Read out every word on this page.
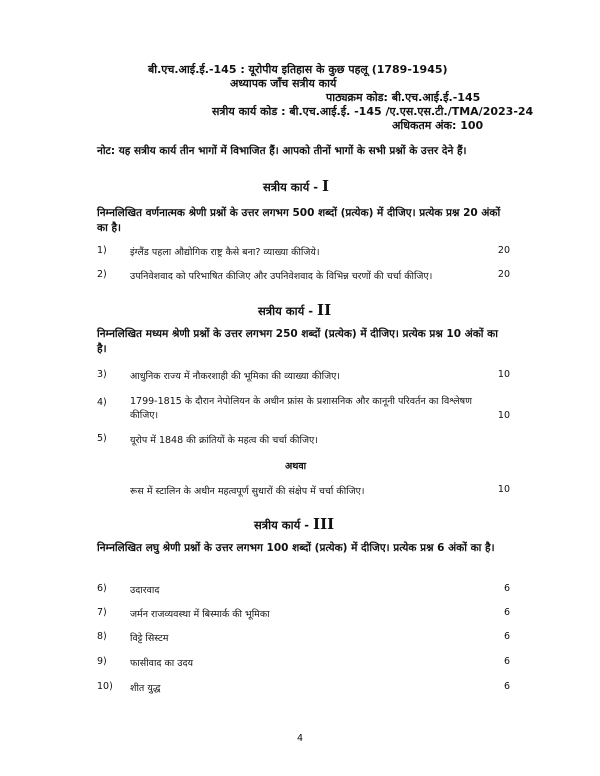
बी.एच.आई.ई.-145 : यूरोपीय इतिहास के कुछ पहलू (1789-1945)
अध्यापक जाँच सत्रीय कार्य
पाठ्यक्रम कोड: बी.एच.आई.ई.-145
सत्रीय कार्य कोड : बी.एच.आई.ई. -145 /ए.एस.एस.टी./TMA/2023-24
अधिकतम अंक: 100
नोट: यह सत्रीय कार्य तीन भागों में विभाजित हैं। आपको तीनों भागों के सभी प्रश्नों के उत्तर देने हैं।
सत्रीय कार्य - I
निम्नलिखित वर्णनात्मक श्रेणी प्रश्नों के उत्तर लगभग 500 शब्दों (प्रत्येक) में दीजिए। प्रत्येक प्रश्न 20 अंकों का है।
1) इंग्लैंड पहला औद्योगिक राष्ट्र कैसे बना? व्याख्या कीजिये।	20
2) उपनिवेशवाद को परिभाषित कीजिए और उपनिवेशवाद के विभिन्न चरणों की चर्चा कीजिए।	20
सत्रीय कार्य - II
निम्नलिखित मध्यम श्रेणी प्रश्नों के उत्तर लगभग 250 शब्दों (प्रत्येक) में दीजिए। प्रत्येक प्रश्न 10 अंकों का है।
3) आधुनिक राज्य में नौकरशाही की भूमिका की व्याख्या कीजिए।	10
4) 1799-1815 के दौरान नेपोलियन के अधीन फ्रांस के प्रशासनिक और कानूनी परिवर्तन का विश्लेषण कीजिए।	10
5) यूरोप में 1848 की क्रांतियों के महत्व की चर्चा कीजिए।
अथवा
रूस में स्टालिन के अधीन महत्वपूर्ण सुधारों की संक्षेप में चर्चा कीजिए।	10
सत्रीय कार्य - III
निम्नलिखित लघु श्रेणी प्रश्नों के उत्तर लगभग 100 शब्दों (प्रत्येक) में दीजिए। प्रत्येक प्रश्न 6 अंकों का है।
6) उदारवाद	6
7) जर्मन राजव्यवस्था में बिस्मार्क की भूमिका	6
8) विट्टे सिस्टम	6
9) फासीवाद का उदय	6
10) शीत युद्ध	6
4
